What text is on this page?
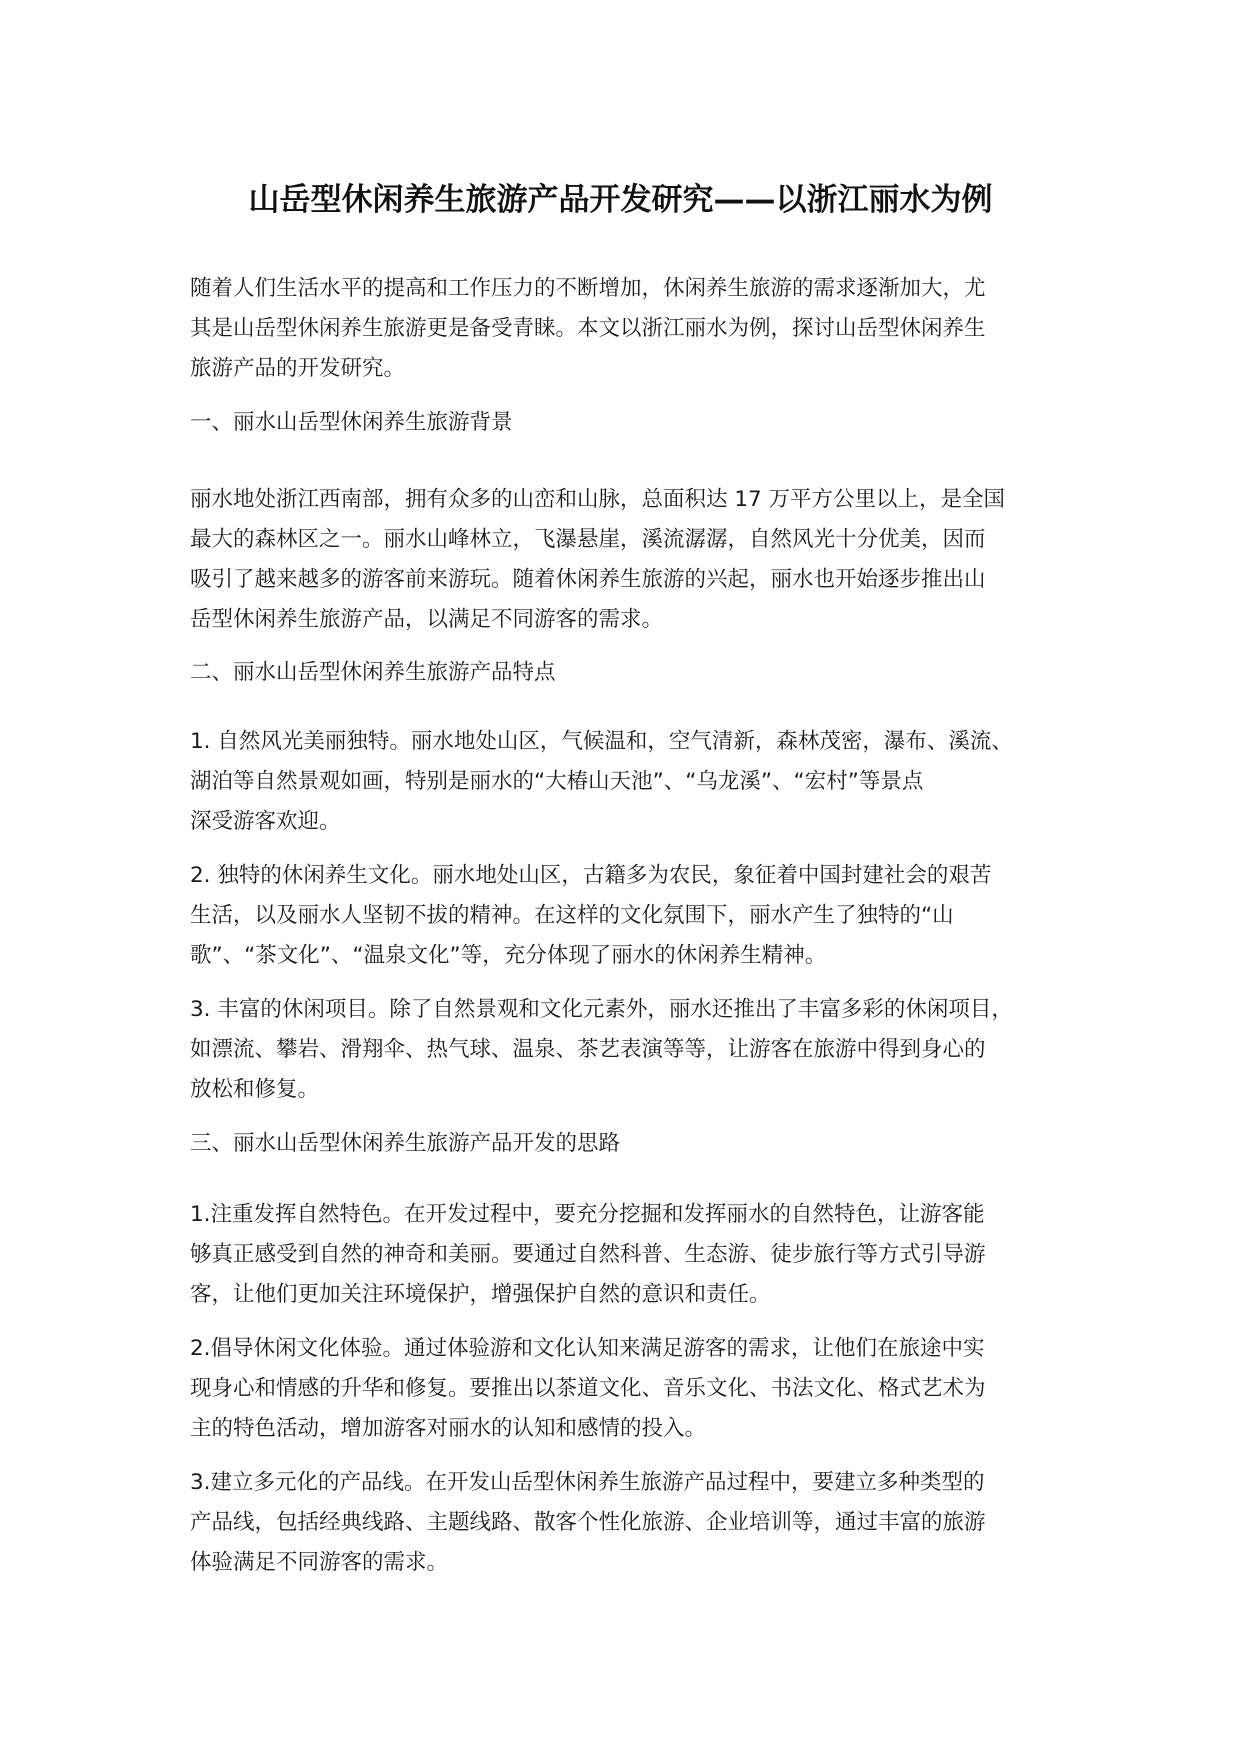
山岳型休闲养生旅游产品开发研究——以浙江丽水为例
随着人们生活水平的提高和工作压力的不断增加，休闲养生旅游的需求逐渐加大，尤
其是山岳型休闲养生旅游更是备受青睐。本文以浙江丽水为例，探讨山岳型休闲养生
旅游产品的开发研究。
一、丽水山岳型休闲养生旅游背景
丽水地处浙江西南部，拥有众多的山峦和山脉，总面积达 17 万平方公里以上，是全国
最大的森林区之一。丽水山峰林立，飞瀑悬崖，溪流潺潺，自然风光十分优美，因而
吸引了越来越多的游客前来游玩。随着休闲养生旅游的兴起，丽水也开始逐步推出山
岳型休闲养生旅游产品，以满足不同游客的需求。
二、丽水山岳型休闲养生旅游产品特点
1. 自然风光美丽独特。丽水地处山区，气候温和，空气清新，森林茂密，瀑布、溪流、
湖泊等自然景观如画，特别是丽水的“大椿山天池”、“乌龙溪”、“宏村”等景点
深受游客欢迎。
2. 独特的休闲养生文化。丽水地处山区，古籍多为农民，象征着中国封建社会的艰苦
生活，以及丽水人坚韧不拔的精神。在这样的文化氛围下，丽水产生了独特的“山
歌”、“茶文化”、“温泉文化”等，充分体现了丽水的休闲养生精神。
3. 丰富的休闲项目。除了自然景观和文化元素外，丽水还推出了丰富多彩的休闲项目，
如漂流、攀岩、滑翔伞、热气球、温泉、茶艺表演等等，让游客在旅游中得到身心的
放松和修复。
三、丽水山岳型休闲养生旅游产品开发的思路
1.注重发挥自然特色。在开发过程中，要充分挖掘和发挥丽水的自然特色，让游客能
够真正感受到自然的神奇和美丽。要通过自然科普、生态游、徒步旅行等方式引导游
客，让他们更加关注环境保护，增强保护自然的意识和责任。
2.倡导休闲文化体验。通过体验游和文化认知来满足游客的需求，让他们在旅途中实
现身心和情感的升华和修复。要推出以茶道文化、音乐文化、书法文化、格式艺术为
主的特色活动，增加游客对丽水的认知和感情的投入。
3.建立多元化的产品线。在开发山岳型休闲养生旅游产品过程中，要建立多种类型的
产品线，包括经典线路、主题线路、散客个性化旅游、企业培训等，通过丰富的旅游
体验满足不同游客的需求。
